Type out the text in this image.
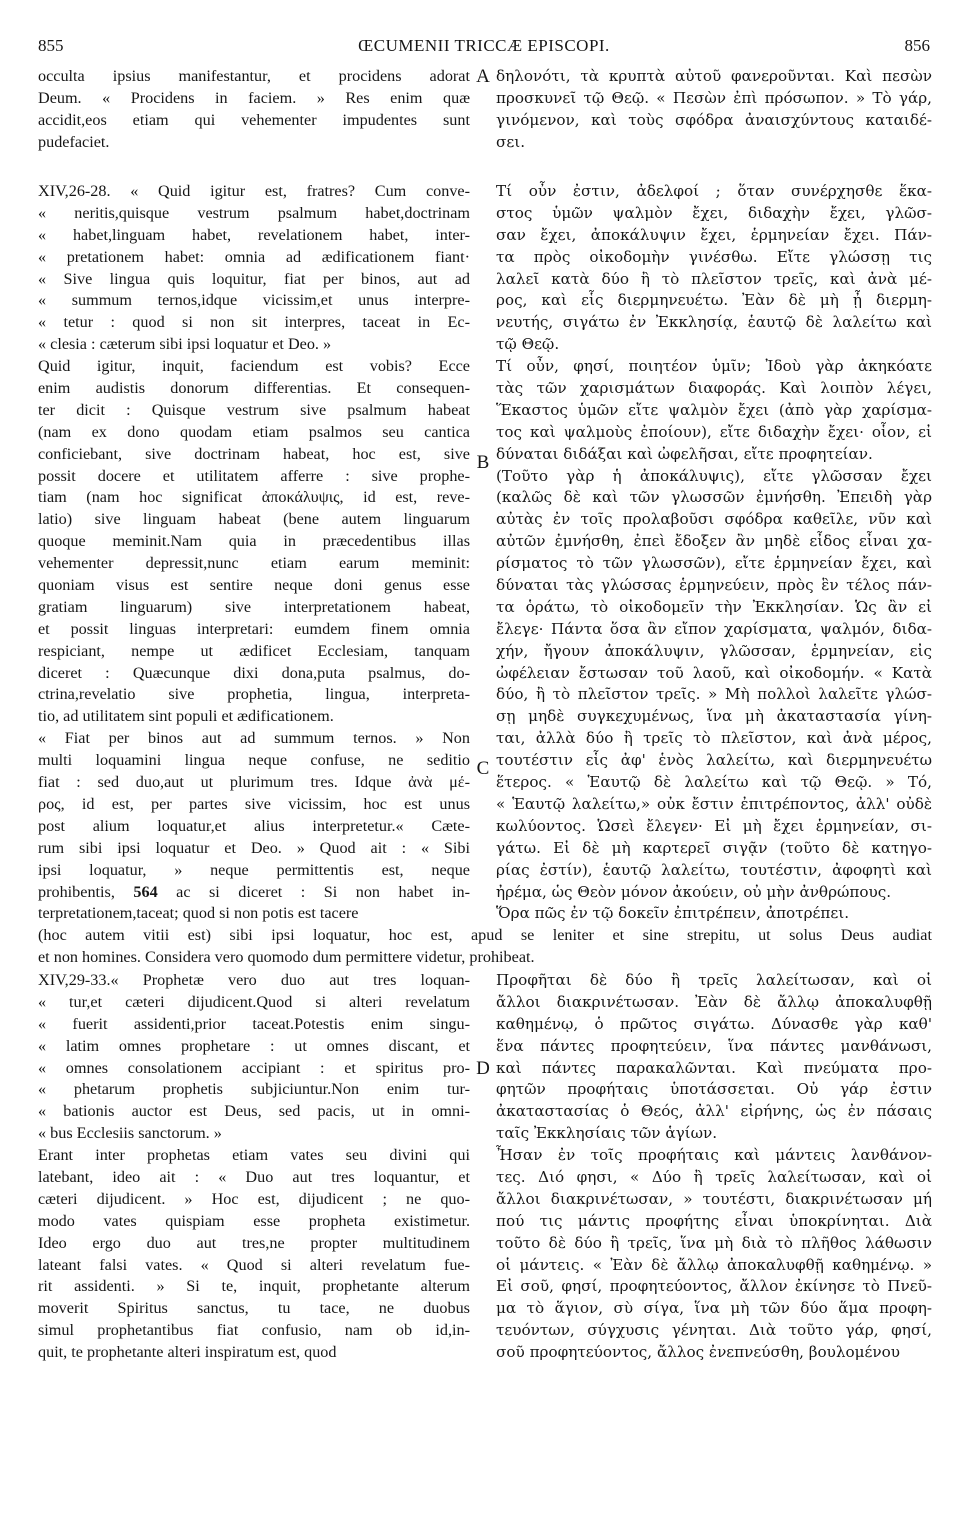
855	ŒCUMENII TRICCÆ EPISCOPI.	856
A
B
C
D
occulta ipsius manifestantur, et procidens adorat
Deum. « Procidens in faciem. » Res enim quæ
accidit,eos etiam qui vehementer impudentes sunt
pudefaciet.
δηλονότι, τὰ κρυπτὰ αὐτοῦ φανεροῦνται. Καὶ πεσὼν
προσκυνεῖ τῷ Θεῷ. « Πεσὼν ἐπὶ πρόσωπον. » Τὸ γάρ,
γινόμενον, καὶ τοὺς σφόδρα ἀναισχύντους καταιδέ-
σει.
XIV,26-28. « Quid igitur est, fratres? Cum conve-
« neritis,quisque vestrum psalmum habet,doctrinam
« habet,linguam habet, revelationem habet, inter-
« pretationem habet: omnia ad ædificationem fiant·
« Sive lingua quis loquitur, fiat per binos, aut ad
« summum ternos,idque vicissim,et unus interpre-
« tetur : quod si non sit interpres, taceat in Ec-
« clesia : cæterum sibi ipsi loquatur et Deo. »
Quid igitur, inquit, faciendum est vobis? Ecce
enim audistis donorum differentias. Et consequen-
ter dicit : Quisque vestrum sive psalmum habeat
(nam ex dono quodam etiam psalmos seu cantica
conficiebant, sive doctrinam habeat, hoc est, sive
possit docere et utilitatem afferre : sive prophe-
tiam (nam hoc significat ἀποκάλυψις, id est, reve-
latio) sive linguam habeat (bene autem linguarum
quoque meminit.Nam quia in præcedentibus illas
vehementer depressit,nunc etiam earum meminit:
quoniam visus est sentire neque doni genus esse
gratiam linguarum) sive interpretationem habeat,
et possit linguas interpretari: eumdem finem omnia
respiciant, nempe ut ædificet Ecclesiam, tanquam
diceret : Quæcunque dixi dona,puta psalmus, do-
ctrina,revelatio sive prophetia, lingua, interpreta-
tio, ad utilitatem sint populi et ædificationem.
« Fiat per binos aut ad summum ternos. » Non
multi loquamini lingua neque confuse, ne seditio
fiat : sed duo,aut ut plurimum tres. Idque ἀνὰ μέ-
ρος, id est, per partes sive vicissim, hoc est unus
post alium loquatur,et alius interpretetur.« Cæte-
rum sibi ipsi loquatur et Deo. » Quod ait : « Sibi
ipsi loquatur, » neque permittentis est, neque
prohibentis, 564 ac si diceret : Si non habet in-
terpretationem,taceat; quod si non potis est tacere
Τί οὖν ἐστιν, ἀδελφοί ; ὅταν συνέρχησθε ἕκα-
στος ὑμῶν ψαλμὸν ἔχει, διδαχὴν ἔχει, γλῶσ-
σαν ἔχει, ἀποκάλυψιν ἔχει, ἑρμηνείαν ἔχει. Πάν-
τα πρὸς οἰκοδομὴν γινέσθω. Εἴτε γλώσσῃ τις
λαλεῖ κατὰ δύο ἢ τὸ πλεῖστον τρεῖς, καὶ ἀνὰ μέ-
ρος, καὶ εἷς διερμηνευέτω. Ἐὰν δὲ μὴ ᾖ διερμη-
νευτής, σιγάτω ἐν Ἐκκλησίᾳ, ἑαυτῷ δὲ λαλείτω καὶ
τῷ Θεῷ.
Τί οὖν, φησί, ποιητέον ὑμῖν; Ἰδοὺ γὰρ ἀκηκόατε
τὰς τῶν χαρισμάτων διαφοράς. Καὶ λοιπὸν λέγει,
Ἕκαστος ὑμῶν εἴτε ψαλμὸν ἔχει (ἀπὸ γὰρ χαρίσμα-
τος καὶ ψαλμοὺς ἐποίουν), εἴτε διδαχὴν ἔχει· οἷον, εἰ
δύναται διδάξαι καὶ ὠφελῆσαι, εἴτε προφητείαν.
(Τοῦτο γὰρ ἡ ἀποκάλυψις), εἴτε γλῶσσαν ἔχει
(καλῶς δὲ καὶ τῶν γλωσσῶν ἐμνήσθη. Ἐπειδὴ γὰρ
αὐτὰς ἐν τοῖς προλαβοῦσι σφόδρα καθεῖλε, νῦν καὶ
αὐτῶν ἐμνήσθη, ἐπεὶ ἔδοξεν ἂν μηδὲ εἶδος εἶναι χα-
ρίσματος τὸ τῶν γλωσσῶν), εἴτε ἑρμηνείαν ἔχει, καὶ
δύναται τὰς γλώσσας ἑρμηνεύειν, πρὸς ἓν τέλος πάν-
τα ὁράτω, τὸ οἰκοδομεῖν τὴν Ἐκκλησίαν. Ὡς ἂν εἰ
ἔλεγε· Πάντα ὅσα ἂν εἴπον χαρίσματα, ψαλμόν, διδα-
χήν, ἤγουν ἀποκάλυψιν, γλῶσσαν, ἑρμηνείαν, εἰς
ὠφέλειαν ἔστωσαν τοῦ λαοῦ, καὶ οἰκοδομήν. « Κατὰ
δύο, ἢ τὸ πλεῖστον τρεῖς. » Μὴ πολλοὶ λαλεῖτε γλώσ-
σῃ μηδὲ συγκεχυμένως, ἵνα μὴ ἀκαταστασία γίνη-
ται, ἀλλὰ δύο ἢ τρεῖς τὸ πλεῖστον, καὶ ἀνὰ μέρος,
τουτέστιν εἷς ἀφ' ἑνὸς λαλείτω, καὶ διερμηνευέτω
ἕτερος. « Ἑαυτῷ δὲ λαλείτω καὶ τῷ Θεῷ. » Τό,
« Ἑαυτῷ λαλείτω,» οὐκ ἔστιν ἐπιτρέποντος, ἀλλ' οὐδὲ
κωλύοντος. Ὡσεὶ ἔλεγεν· Εἰ μὴ ἔχει ἑρμηνείαν, σι-
γάτω. Εἰ δὲ μὴ καρτερεῖ σιγᾷν (τοῦτο δὲ κατηγο-
ρίας ἐστίν), ἑαυτῷ λαλείτω, τουτέστιν, ἀφοφητὶ καὶ
ἠρέμα, ὡς Θεὸν μόνον ἀκούειν, οὐ μὴν ἀνθρώπους.
Ὅρα πῶς ἐν τῷ δοκεῖν ἐπιτρέπειν, ἀποτρέπει.
(hoc autem vitii est) sibi ipsi loquatur, hoc est, apud se leniter et sine strepitu, ut solus Deus audiat
et non homines. Considera vero quomodo dum permittere videtur, prohibeat.
XIV,29-33.« Prophetæ vero duo aut tres loquan-
« tur,et cæteri dijudicent.Quod si alteri revelatum
« fuerit assidenti,prior taceat.Potestis enim singu-
« latim omnes prophetare : ut omnes discant, et
« omnes consolationem accipiant : et spiritus pro-
« phetarum prophetis subjiciuntur.Non enim tur-
« bationis auctor est Deus, sed pacis, ut in omni-
« bus Ecclesiis sanctorum. »
Erant inter prophetas etiam vates seu divini qui
latebant, ideo ait : « Duo aut tres loquantur, et
cæteri dijudicent. » Hoc est, dijudicent ; ne quo-
modo vates quispiam esse propheta existimetur.
Ideo ergo duo aut tres,ne propter multitudinem
lateant falsi vates. « Quod si alteri revelatum fue-
rit assidenti. » Si te, inquit, prophetante alterum
moverit Spiritus sanctus, tu tace, ne duobus
simul prophetantibus fiat confusio, nam ob id,in-
quit, te prophetante alteri inspiratum est, quod
Προφῆται δὲ δύο ἢ τρεῖς λαλείτωσαν, καὶ οἱ
ἄλλοι διακρινέτωσαν. Ἐὰν δὲ ἄλλῳ ἀποκαλυφθῇ
καθημένῳ, ὁ πρῶτος σιγάτω. Δύνασθε γὰρ καθ'
ἕνα πάντες προφητεύειν, ἵνα πάντες μανθάνωσι,
καὶ πάντες παρακαλῶνται. Καὶ πνεύματα προ-
φητῶν προφήταις ὑποτάσσεται. Οὐ γάρ ἐστιν
ἀκαταστασίας ὁ Θεός, ἀλλ' εἰρήνης, ὡς ἐν πάσαις
ταῖς Ἐκκλησίαις τῶν ἁγίων.
Ἦσαν ἐν τοῖς προφήταις καὶ μάντεις λανθάνον-
τες. Διό φησι, « Δύο ἢ τρεῖς λαλείτωσαν, καὶ οἱ
ἄλλοι διακρινέτωσαν, » τουτέστι, διακρινέτωσαν μή
πού τις μάντις προφήτης εἶναι ὑποκρίνηται. Διὰ
τοῦτο δὲ δύο ἢ τρεῖς, ἵνα μὴ διὰ τὸ πλῆθος λάθωσιν
οἱ μάντεις. « Ἐὰν δὲ ἄλλῳ ἀποκαλυφθῇ καθημένῳ. »
Εἰ σοῦ, φησί, προφητεύοντος, ἄλλον ἐκίνησε τὸ Πνεῦ-
μα τὸ ἅγιον, σὺ σίγα, ἵνα μὴ τῶν δύο ἅμα προφη-
τευόντων, σύγχυσις γένηται. Διὰ τοῦτο γάρ, φησί,
σοῦ προφητεύοντος, ἄλλος ἐνεπνεύσθη, βουλομένου
